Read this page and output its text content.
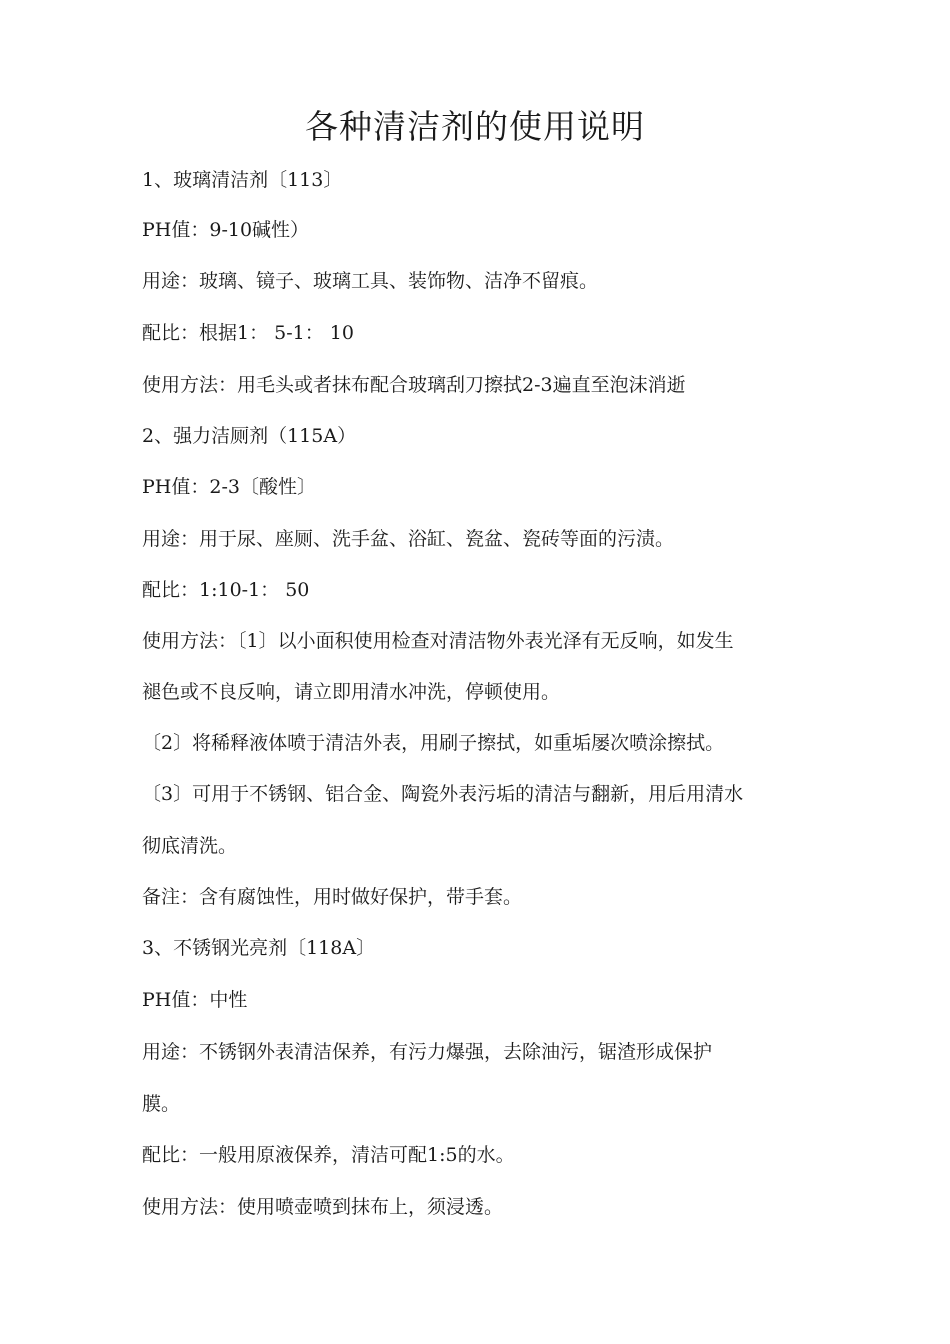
各种清洁剂的使用说明
1、玻璃清洁剂〔113〕
PH值：9-10碱性）
用途：玻璃、镜子、玻璃工具、装饰物、洁净不留痕。
配比：根据1： 5-1： 10
使用方法：用毛头或者抹布配合玻璃刮刀擦拭2-3遍直至泡沫消逝
2、强力洁厕剂（115A）
PH值：2-3〔酸性〕
用途：用于尿、座厕、洗手盆、浴缸、瓷盆、瓷砖等面的污渍。
配比：1:10-1： 50
使用方法：〔1〕以小面积使用检查对清洁物外表光泽有无反响，如发生
褪色或不良反响，请立即用清水冲洗，停顿使用。
〔2〕将稀释液体喷于清洁外表，用刷子擦拭，如重垢屡次喷涂擦拭。
〔3〕可用于不锈钢、铝合金、陶瓷外表污垢的清洁与翻新，用后用清水
彻底清洗。
备注：含有腐蚀性，用时做好保护，带手套。
3、不锈钢光亮剂〔118A〕
PH值：中性
用途：不锈钢外表清洁保养，有污力爆强，去除油污，锯渣形成保护
膜。
配比：一般用原液保养，清洁可配1:5的水。
使用方法：使用喷壶喷到抹布上，须浸透。
